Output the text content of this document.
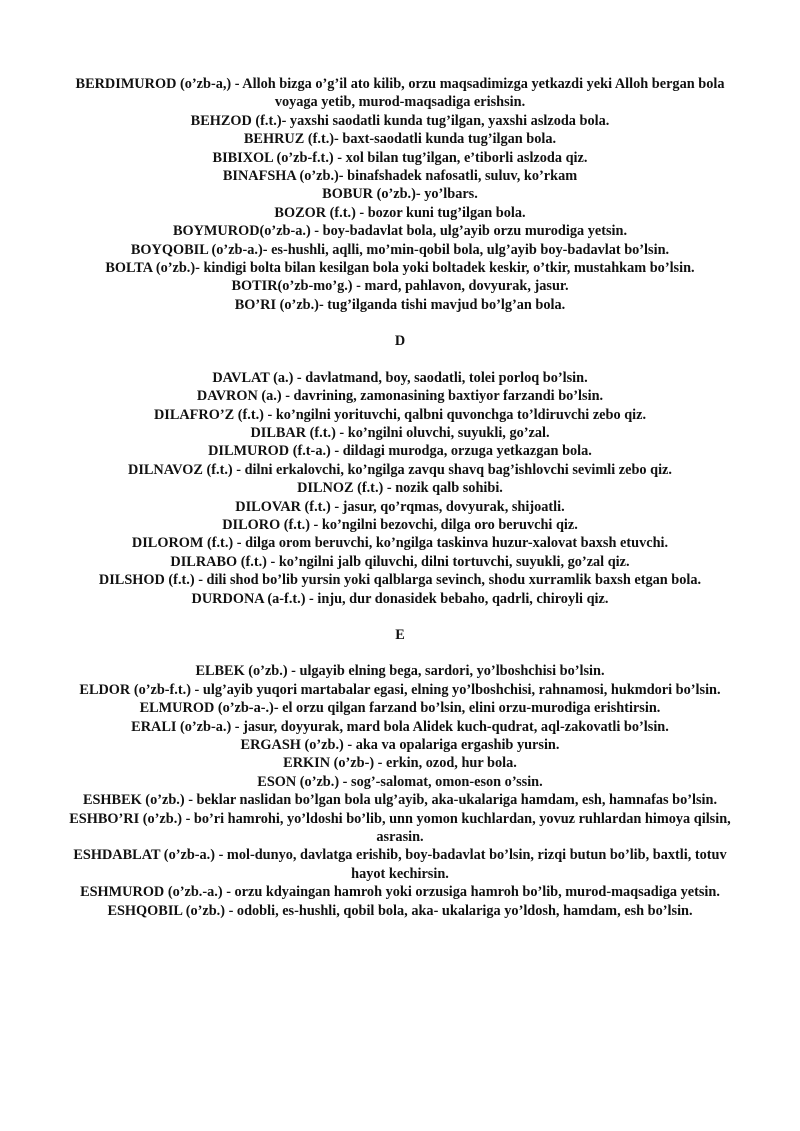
BERDIMUROD (o’zb-a,) - Alloh bizga o’g’il ato kilib, orzu maqsadimizga yetkazdi yeki Alloh bergan bola voyaga yetib, murod-maqsadiga erishsin.

BEHZOD (f.t.)- yaxshi saodatli kunda tug’ilgan, yaxshi aslzoda bola.

BEHRUZ (f.t.)- baxt-saodatli kunda tug’ilgan bola.

BIBIXOL (o’zb-f.t.) - xol bilan tug’ilgan, e’tiborli aslzoda qiz.

BINAFSHA (o’zb.)- binafshadek nafosatli, suluv, ko’rkam

BOBUR (o’zb.)- yo’lbars.

BOZOR (f.t.) - bozor kuni tug’ilgan bola.

BOYMUROD(o’zb-a.) - boy-badavlat bola, ulg’ayib orzu murodiga yetsin.

BOYQOBIL (o’zb-a.)- es-hushli, aqlli, mo’min-qobil bola, ulg’ayib boy-badavlat bo’lsin.

BOLTA (o’zb.)- kindigi bolta bilan kesilgan bola yoki boltadek keskir, o’tkir, mustahkam bo’lsin.

BOTIR(o’zb-mo’g.) - mard, pahlavon, dovyurak, jasur.

BO’RI (o’zb.)- tug’ilganda tishi mavjud bo’lg’an bola.

D

DAVLAT (a.) - davlatmand, boy, saodatli, tolei porloq bo’lsin.

DAVRON (a.) - davrining, zamonasining baxtiyor farzandi bo’lsin.

DILAFRO’Z (f.t.) - ko’ngilni yorituvchi, qalbni quvonchga to’ldiruvchi zebo qiz.

DILBAR (f.t.) - ko’ngilni oluvchi, suyukli, go’zal.

DILMUROD (f.t-a.) - dildagi murodga, orzuga yetkazgan bola.

DILNAVOZ (f.t.) - dilni erkalovchi, ko’ngilga zavqu shavq bag’ishlovchi sevimli zebo qiz.

DILNOZ (f.t.) - nozik qalb sohibi.

DILOVAR (f.t.) - jasur, qo’rqmas, dovyurak, shijoatli.

DILORO (f.t.) - ko’ngilni bezovchi, dilga oro beruvchi qiz.

DILOROM (f.t.) - dilga orom beruvchi, ko’ngilga taskinva huzur-xalovat baxsh etuvchi.

DILRABO (f.t.) - ko’ngilni jalb qiluvchi, dilni tortuvchi, suyukli, go’zal qiz.

DILSHOD (f.t.) - dili shod bo’lib yursin yoki qalblarga sevinch, shodu xurramlik baxsh etgan bola.

DURDONA (a-f.t.) - inju, dur donasidek bebaho, qadrli, chiroyli qiz.

E

ELBEK (o’zb.) - ulgayib elning bega, sardori, yo’lboshchisi bo’lsin.

ELDOR (o’zb-f.t.) - ulg’ayib yuqori martabalar egasi, elning yo’lboshchisi, rahnamosi, hukmdori bo’lsin.

ELMUROD (o’zb-a-.)- el orzu qilgan farzand bo’lsin, elini orzu-murodiga erishtirsin.

ERALI (o’zb-a.) - jasur, doyyurak, mard bola Alidek kuch-qudrat, aql-zakovatli bo’lsin.

ERGASH (o’zb.) - aka va opalariga ergashib yursin.

ERKIN (o’zb-) - erkin, ozod, hur bola.

ESON (o’zb.) - sog’-salomat, omon-eson o’ssin.

ESHBEK (o’zb.) - beklar naslidan bo’lgan bola ulg’ayib, aka-ukalariga hamdam, esh, hamnafas bo’lsin.

ESHBO’RI (o’zb.) - bo’ri hamrohi, yo’ldoshi bo’lib, unn yomon kuchlardan, yovuz ruhlardan himoya qilsin, asrasin.

ESHDABLAT (o’zb-a.) - mol-dunyo, davlatga erishib, boy-badavlat bo’lsin, rizqi butun bo’lib, baxtli, totuv hayot kechirsin.

ESHMUROD (o’zb.-a.) - orzu kdyaingan hamroh yoki orzusiga hamroh bo’lib, murod-maqsadiga yetsin.

ESHQOBIL (o’zb.) - odobli, es-hushli, qobil bola, aka- ukalariga yo’ldosh, hamdam, esh bo’lsin.
